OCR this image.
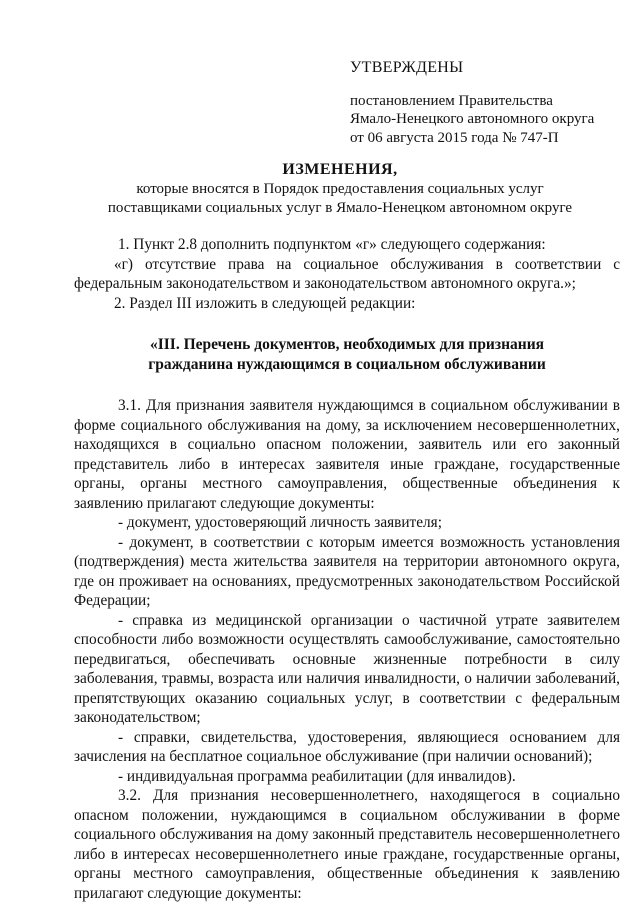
УТВЕРЖДЕНЫ
постановлением Правительства
Ямало-Ненецкого автономного округа
от 06 августа 2015 года № 747-П
ИЗМЕНЕНИЯ,
которые вносятся в Порядок предоставления социальных услуг
поставщиками социальных услуг в Ямало-Ненецком автономном округе

1. Пункт 2.8 дополнить подпунктом «г» следующего содержания:

«г) отсутствие права на социальное обслуживания в соответствии с федеральным законодательством и законодательством автономного округа.»;

2. Раздел III изложить в следующей редакции:

«III. Перечень документов, необходимых для признания
гражданина нуждающимся в социальном обслуживании

3.1. Для признания заявителя нуждающимся в социальном обслуживании в форме социального обслуживания на дому, за исключением несовершеннолетних, находящихся в социально опасном положении, заявитель или его законный представитель либо в интересах заявителя иные граждане, государственные органы, органы местного самоуправления, общественные объединения к заявлению прилагают следующие документы:

- документ, удостоверяющий личность заявителя;

- документ, в соответствии с которым имеется возможность установления (подтверждения) места жительства заявителя на территории автономного округа, где он проживает на основаниях, предусмотренных законодательством Российской Федерации;

- справка из медицинской организации о частичной утрате заявителем способности либо возможности осуществлять самообслуживание, самостоятельно передвигаться, обеспечивать основные жизненные потребности в силу заболевания, травмы, возраста или наличия инвалидности, о наличии заболеваний, препятствующих оказанию социальных услуг, в соответствии с федеральным законодательством;

- справки, свидетельства, удостоверения, являющиеся основанием для зачисления на бесплатное социальное обслуживание (при наличии оснований);

- индивидуальная программа реабилитации (для инвалидов).

3.2. Для признания несовершеннолетнего, находящегося в социально опасном положении, нуждающимся в социальном обслуживании в форме социального обслуживания на дому законный представитель несовершеннолетнего либо в интересах несовершеннолетнего иные граждане, государственные органы, органы местного самоуправления, общественные объединения к заявлению прилагают следующие документы:
